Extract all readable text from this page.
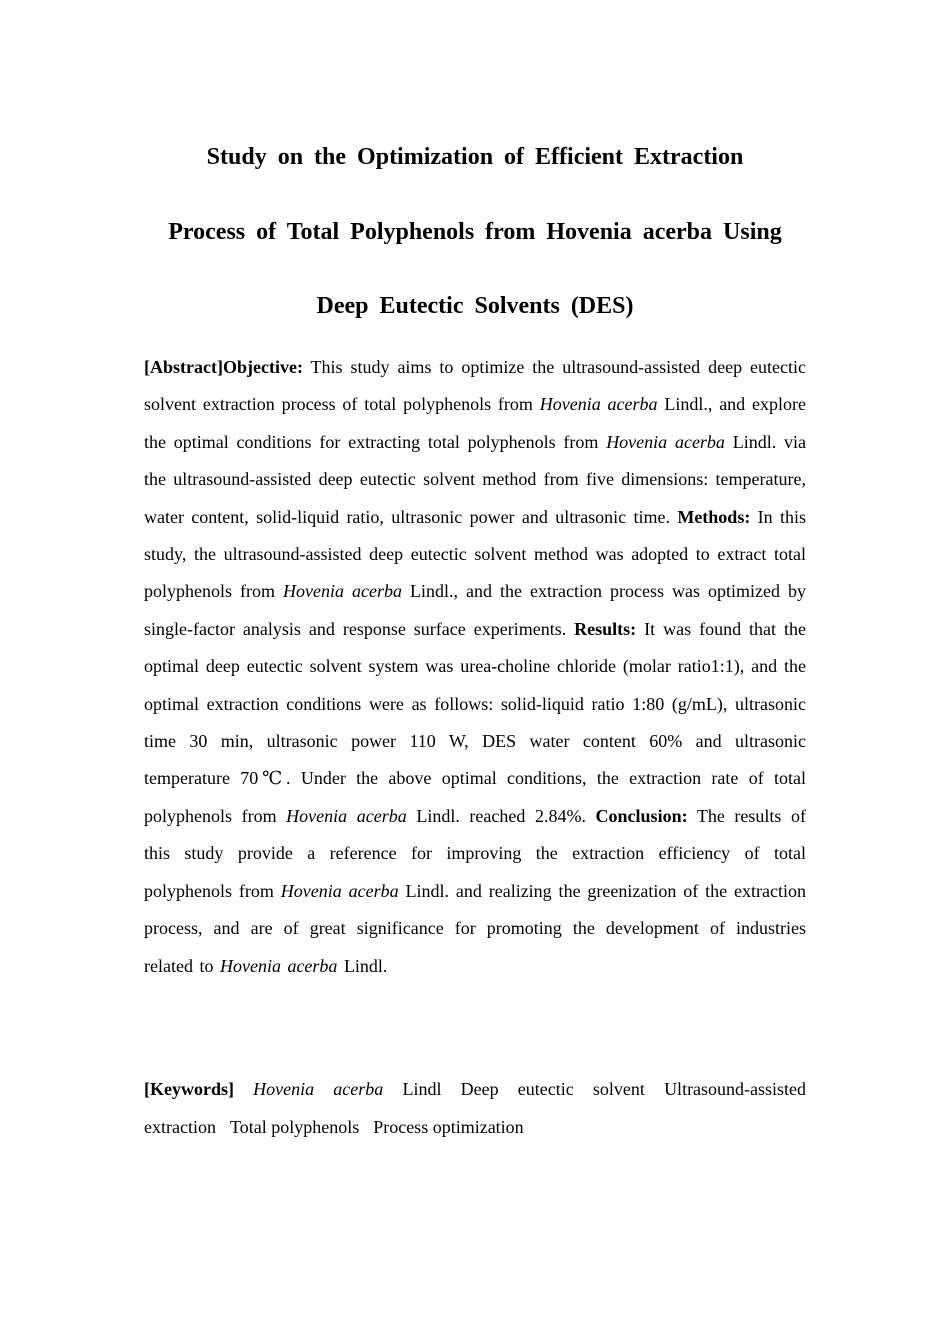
Study on the Optimization of Efficient Extraction
Process of Total Polyphenols from Hovenia acerba Using
Deep Eutectic Solvents (DES)

[Abstract]Objective: This study aims to optimize the ultrasound-assisted deep eutectic solvent extraction process of total polyphenols from Hovenia acerba Lindl., and explore the optimal conditions for extracting total polyphenols from Hovenia acerba Lindl. via the ultrasound-assisted deep eutectic solvent method from five dimensions: temperature, water content, solid-liquid ratio, ultrasonic power and ultrasonic time. Methods: In this study, the ultrasound-assisted deep eutectic solvent method was adopted to extract total polyphenols from Hovenia acerba Lindl., and the extraction process was optimized by single-factor analysis and response surface experiments. Results: It was found that the optimal deep eutectic solvent system was urea-choline chloride (molar ratio1:1), and the optimal extraction conditions were as follows: solid-liquid ratio 1:80 (g/mL), ultrasonic time 30 min, ultrasonic power 110 W, DES water content 60% and ultrasonic temperature 70℃. Under the above optimal conditions, the extraction rate of total polyphenols from Hovenia acerba Lindl. reached 2.84%. Conclusion: The results of this study provide a reference for improving the extraction efficiency of total polyphenols from Hovenia acerba Lindl. and realizing the greenization of the extraction process, and are of great significance for promoting the development of industries related to Hovenia acerba Lindl.

[Keywords] Hovenia acerba Lindl Deep eutectic solvent Ultrasound-assisted
extraction Total polyphenols Process optimization
